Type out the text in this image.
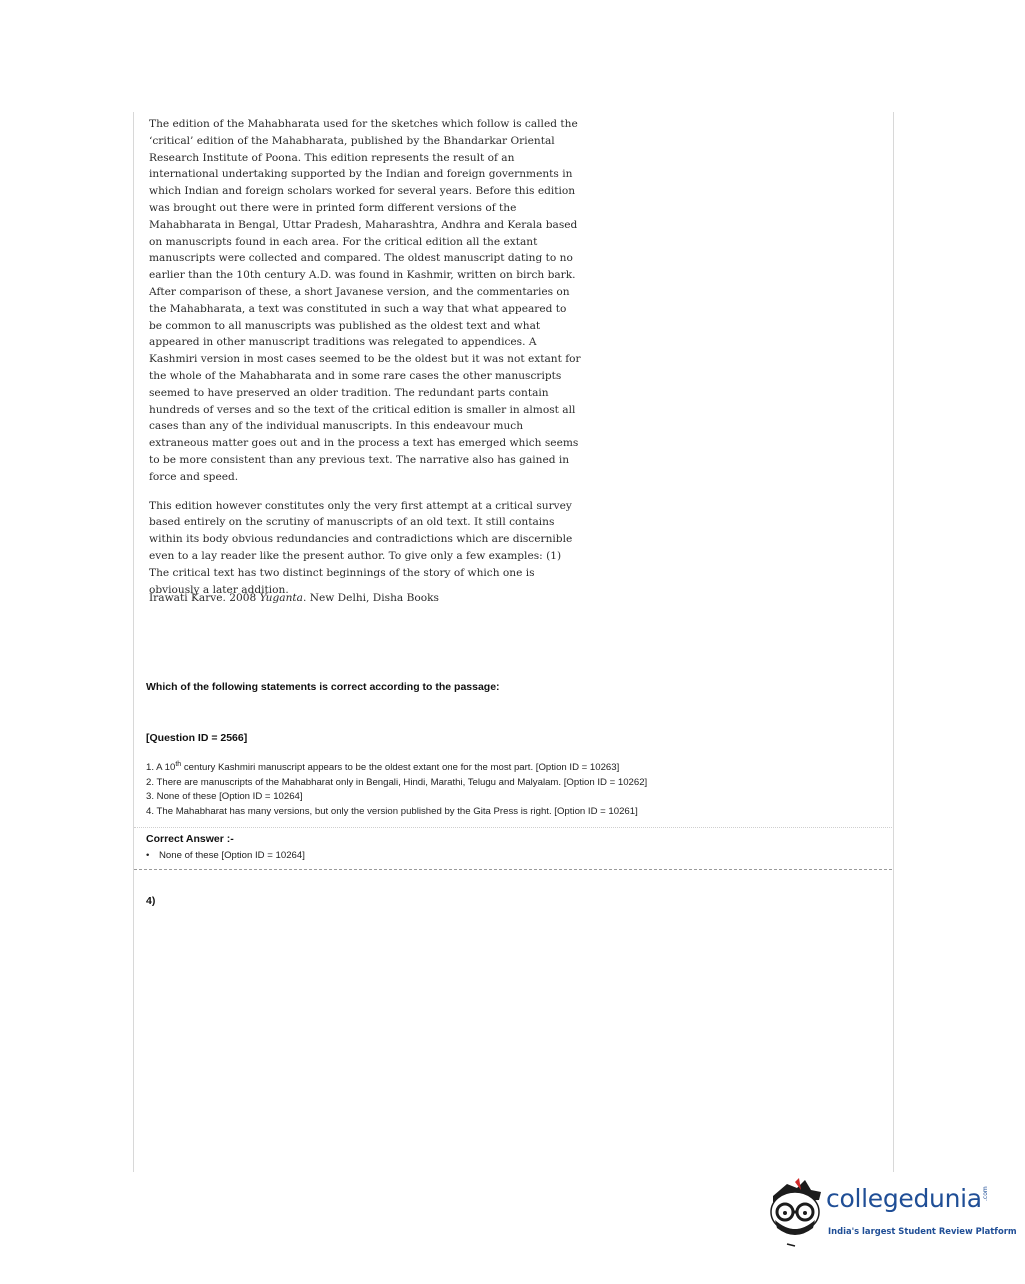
The edition of the Mahabharata used for the sketches which follow is called the ‘critical’ edition of the Mahabharata, published by the Bhandarkar Oriental Research Institute of Poona. This edition represents the result of an international undertaking supported by the Indian and foreign governments in which Indian and foreign scholars worked for several years. Before this edition was brought out there were in printed form different versions of the Mahabharata in Bengal, Uttar Pradesh, Maharashtra, Andhra and Kerala based on manuscripts found in each area. For the critical edition all the extant manuscripts were collected and compared. The oldest manuscript dating to no earlier than the 10th century A.D. was found in Kashmir, written on birch bark. After comparison of these, a short Javanese version, and the commentaries on the Mahabharata, a text was constituted in such a way that what appeared to be common to all manuscripts was published as the oldest text and what appeared in other manuscript traditions was relegated to appendices. A Kashmiri version in most cases seemed to be the oldest but it was not extant for the whole of the Mahabharata and in some rare cases the other manuscripts seemed to have preserved an older tradition. The redundant parts contain hundreds of verses and so the text of the critical edition is smaller in almost all cases than any of the individual manuscripts. In this endeavour much extraneous matter goes out and in the process a text has emerged which seems to be more consistent than any previous text. The narrative also has gained in force and speed.

This edition however constitutes only the very first attempt at a critical survey based entirely on the scrutiny of manuscripts of an old text. It still contains within its body obvious redundancies and contradictions which are discernible even to a lay reader like the present author. To give only a few examples: (1) The critical text has two distinct beginnings of the story of which one is obviously a later addition.

Irawati Karve. 2008 Yuganta. New Delhi, Disha Books
Which of the following statements is correct according to the passage:
[Question ID = 2566]
1. A 10th century Kashmiri manuscript appears to be the oldest extant one for the most part. [Option ID = 10263]
2. There are manuscripts of the Mahabharat only in Bengali, Hindi, Marathi, Telugu and Malyalam. [Option ID = 10262]
3. None of these [Option ID = 10264]
4. The Mahabharat has many versions, but only the version published by the Gita Press is right. [Option ID = 10261]
Correct Answer :-
• None of these [Option ID = 10264]
4)
collegedunia .com
India's largest Student Review Platform
